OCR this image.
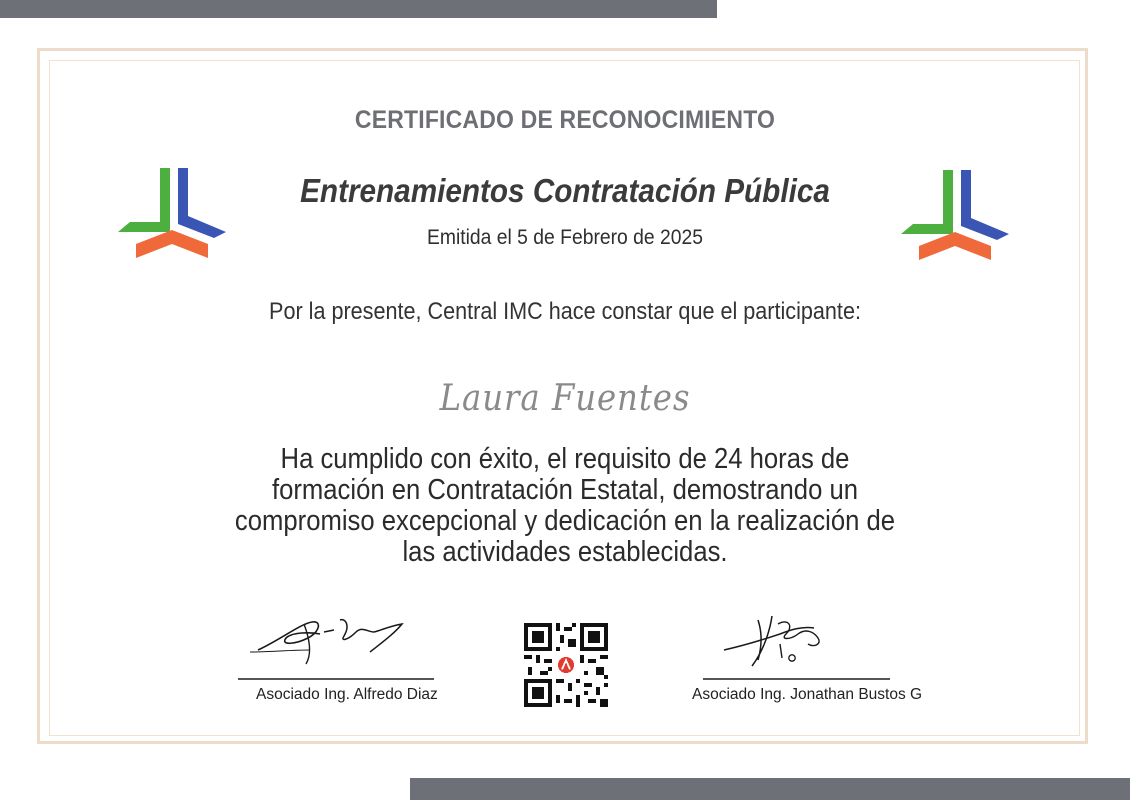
CERTIFICADO DE RECONOCIMIENTO
Entrenamientos Contratación Pública

Emitida el 5 de Febrero de 2025

Por la presente, Central IMC hace constar que el participante:

Laura Fuentes

Ha cumplido con éxito, el requisito de 24 horas de formación en Contratación Estatal, demostrando un compromiso excepcional y dedicación en la realización de las actividades establecidas.

Asociado Ing. Alfredo Diaz	Asociado Ing. Jonathan Bustos G
